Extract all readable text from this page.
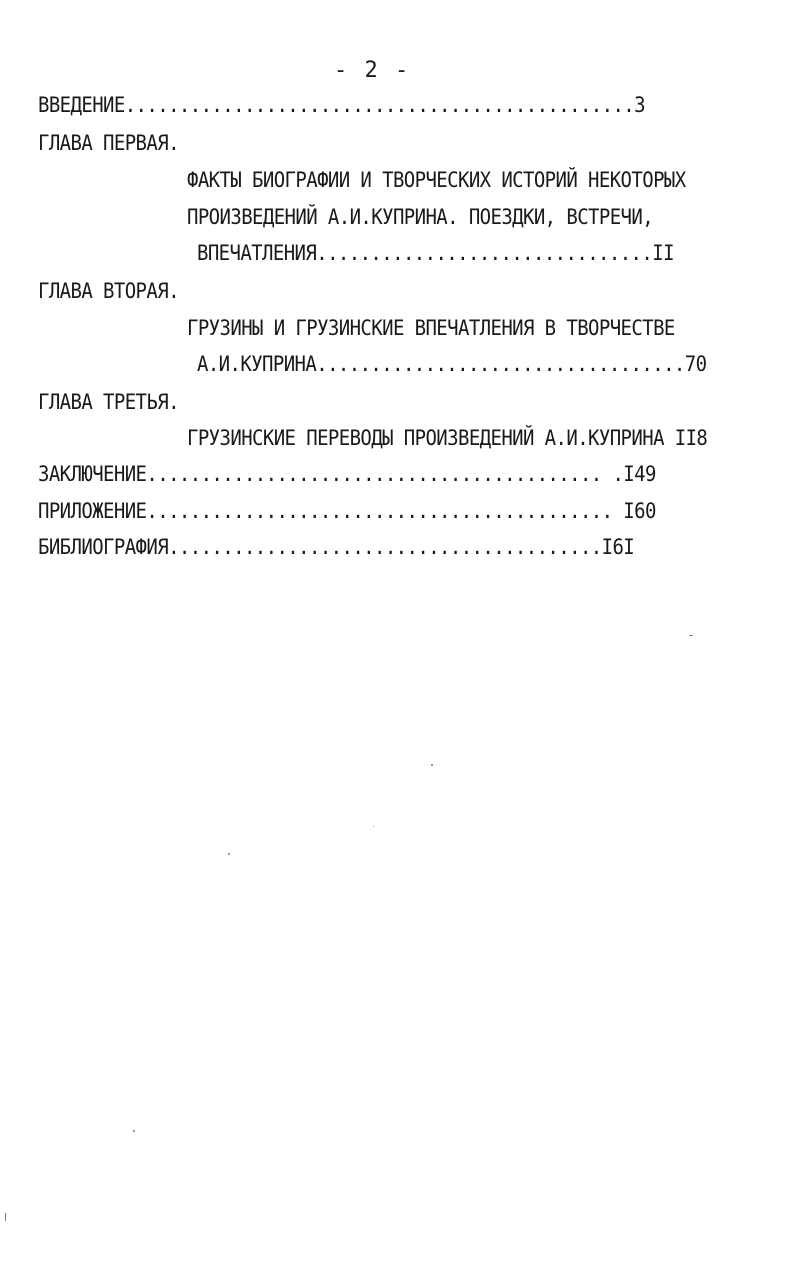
- 2 -
ВВЕДЕНИЕ...............................................3
ГЛАВА ПЕРВАЯ.
ФАКТЫ БИОГРАФИИ И ТВОРЧЕСКИХ ИСТОРИЙ НЕКОТОРЫХ
ПРОИЗВЕДЕНИЙ А.И.КУПРИНА. ПОЕЗДКИ, ВСТРЕЧИ,
ВПЕЧАТЛЕНИЯ...............................II
ГЛАВА ВТОРАЯ.
ГРУЗИНЫ И ГРУЗИНСКИЕ ВПЕЧАТЛЕНИЯ В ТВОРЧЕСТВЕ
А.И.КУПРИНА..................................70
ГЛАВА ТРЕТЬЯ.
ГРУЗИНСКИЕ ПЕРЕВОДЫ ПРОИЗВЕДЕНИЙ А.И.КУПРИНА II8
ЗАКЛЮЧЕНИЕ.......................................... .I49
ПРИЛОЖЕНИЕ........................................... I60
БИБЛИОГРАФИЯ........................................I6I
